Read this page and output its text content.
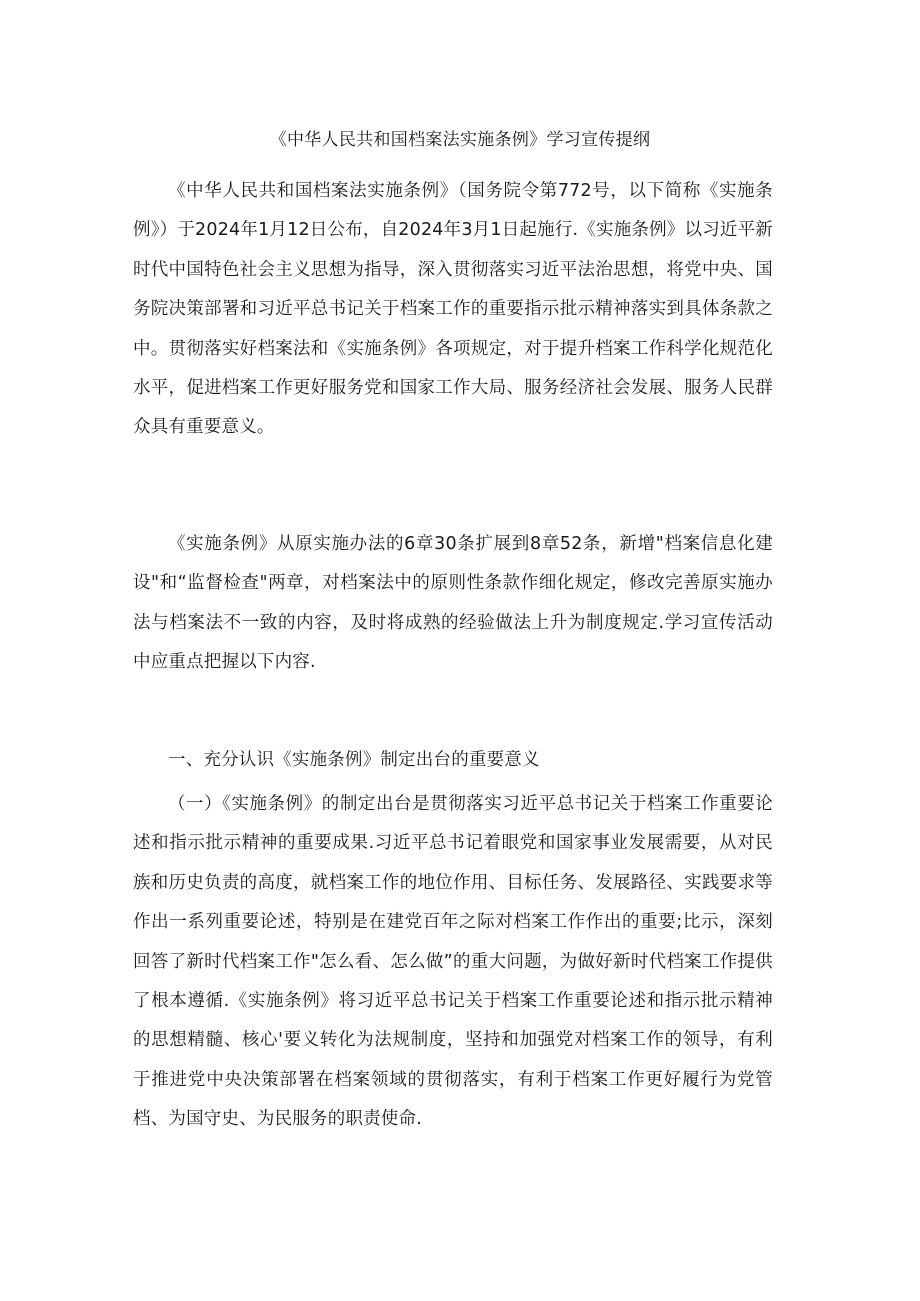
《中华人民共和国档案法实施条例》学习宣传提纲

《中华人民共和国档案法实施条例》（国务院令第772号，以下简称《实施条例》）于2024年1月12日公布，自2024年3月1日起施行.《实施条例》以习近平新时代中国特色社会主义思想为指导，深入贯彻落实习近平法治思想，将党中央、国务院决策部署和习近平总书记关于档案工作的重要指示批示精神落实到具体条款之中。贯彻落实好档案法和《实施条例》各项规定，对于提升档案工作科学化规范化水平，促进档案工作更好服务党和国家工作大局、服务经济社会发展、服务人民群众具有重要意义。

《实施条例》从原实施办法的6章30条扩展到8章52条，新增"档案信息化建设"和“监督检查"两章，对档案法中的原则性条款作细化规定，修改完善原实施办法与档案法不一致的内容，及时将成熟的经验做法上升为制度规定.学习宣传活动中应重点把握以下内容.

一、充分认识《实施条例》制定出台的重要意义

（一）《实施条例》的制定出台是贯彻落实习近平总书记关于档案工作重要论述和指示批示精神的重要成果.习近平总书记着眼党和国家事业发展需要，从对民族和历史负责的高度，就档案工作的地位作用、目标任务、发展路径、实践要求等作出一系列重要论述，特别是在建党百年之际对档案工作作出的重要;比示，深刻回答了新时代档案工作"怎么看、怎么做”的重大问题，为做好新时代档案工作提供了根本遵循.《实施条例》将习近平总书记关于档案工作重要论述和指示批示精神的思想精髓、核心'要义转化为法规制度，坚持和加强党对档案工作的领导，有利于推进党中央决策部署在档案领域的贯彻落实，有利于档案工作更好履行为党管档、为国守史、为民服务的职责使命.
